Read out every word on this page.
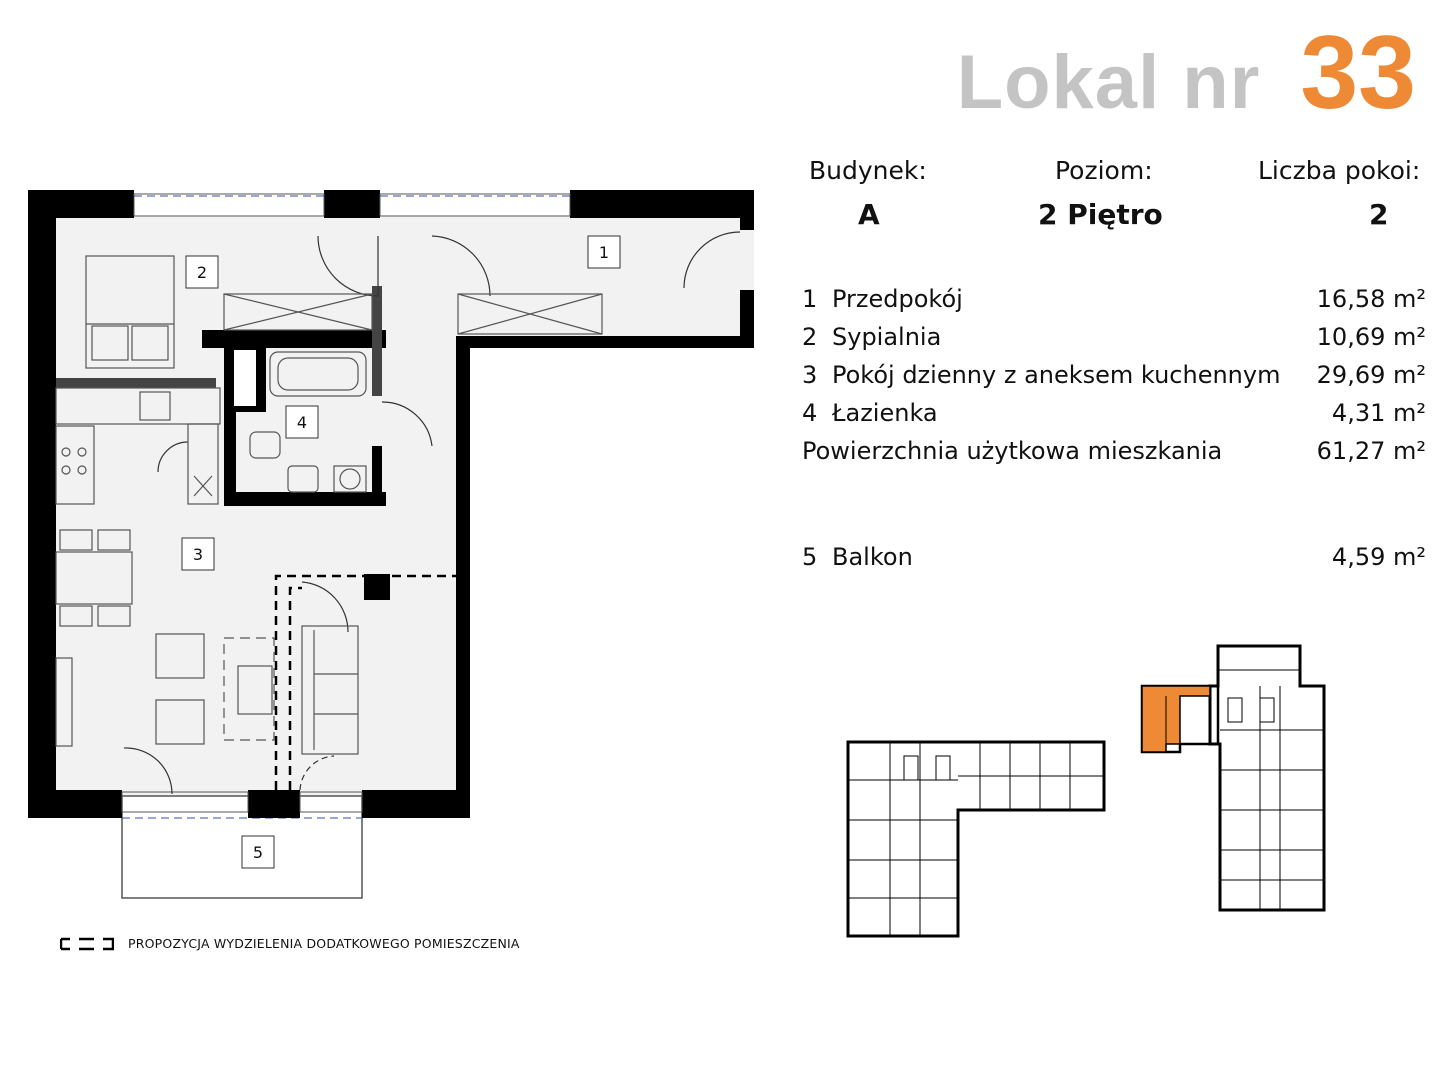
Lokal nr 33
Budynek:	Poziom:	Liczba pokoi:
A	2 Piętro	2
1 Przedpokój	16,58 m²
2 Sypialnia	10,69 m²
3 Pokój dzienny z aneksem kuchennym 29,69 m²
4 Łazienka	4,31 m²
Powierzchnia użytkowa mieszkania	61,27 m²
5 Balkon	4,59 m²
1
2
3
4
5
PROPOZYCJA WYDZIELENIA DODATKOWEGO POMIESZCZENIA
